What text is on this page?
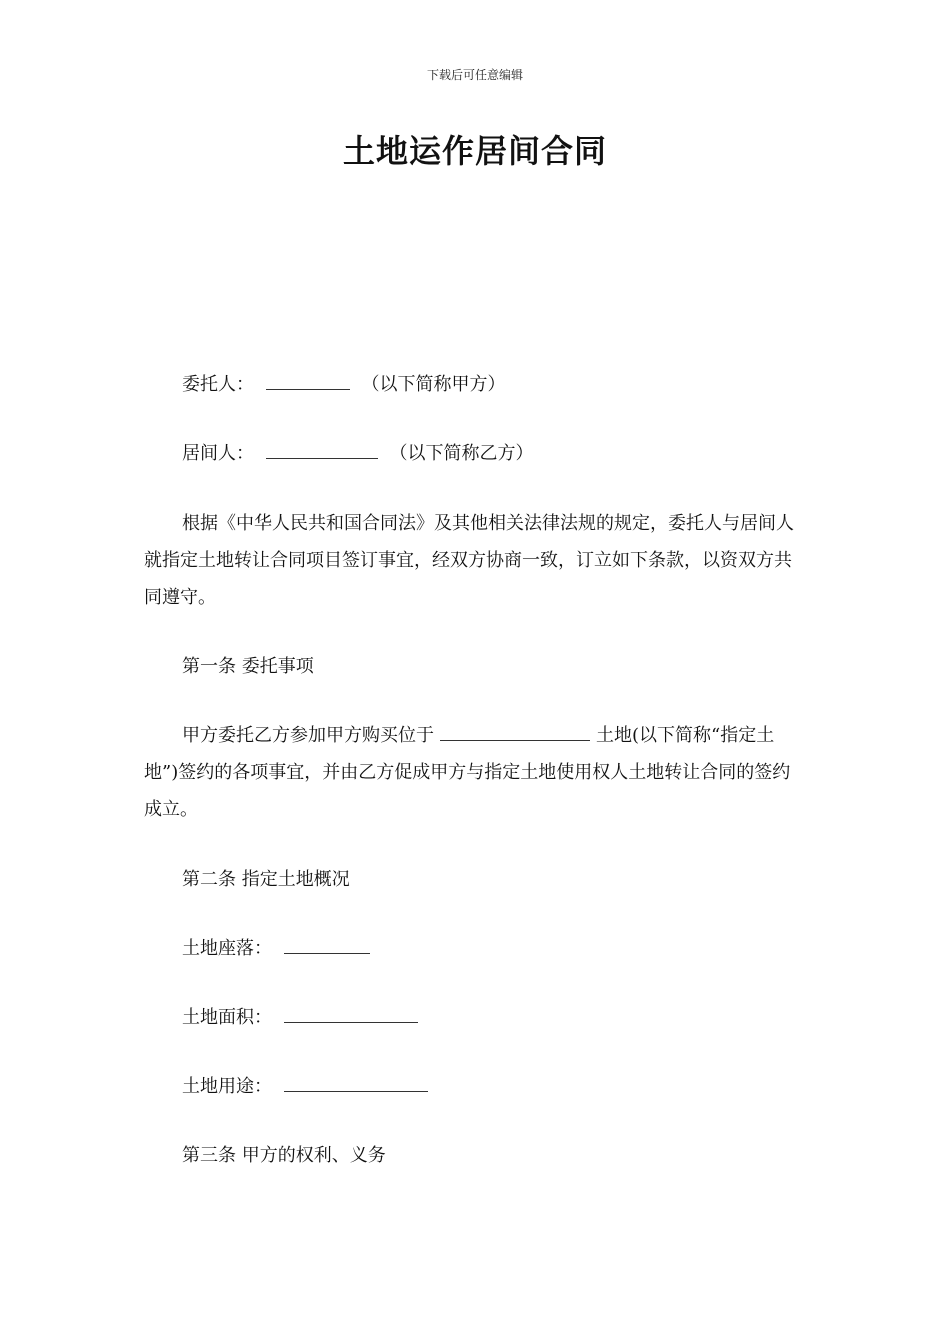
下载后可任意编辑
土地运作居间合同
委托人：	（以下简称甲方）
居间人：	（以下简称乙方）

根据《中华人民共和国合同法》及其他相关法律法规的规定，委托人与居间人就指定土地转让合同项目签订事宜，经双方协商一致，订立如下条款，以资双方共同遵守。

第一条 委托事项

甲方委托乙方参加甲方购买位于	土地(以下简称“指定土地”)签约的各项事宜，并由乙方促成甲方与指定土地使用权人土地转让合同的签约成立。

第二条 指定土地概况
土地座落：
土地面积：
土地用途：
第三条 甲方的权利、义务
